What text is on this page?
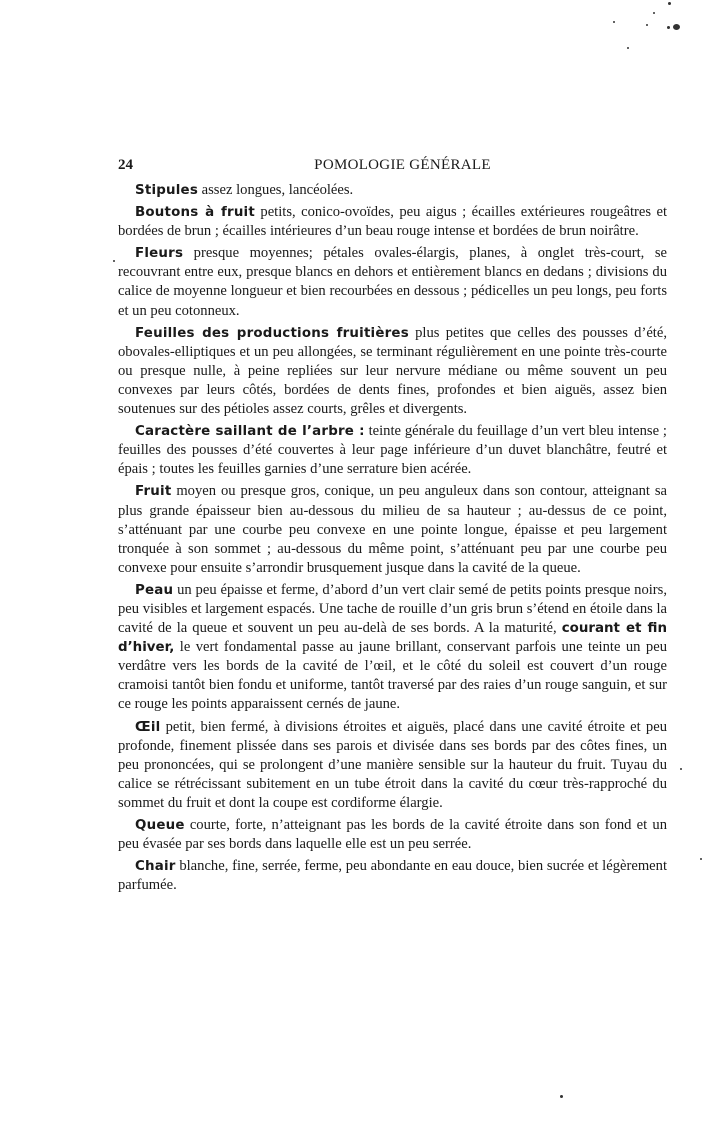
24	POMOLOGIE GÉNÉRALE

Stipules assez longues, lancéolées.

Boutons à fruit petits, conico-ovoïdes, peu aigus ; écailles extérieures rougeâtres et bordées de brun ; écailles intérieures d’un beau rouge intense et bordées de brun noirâtre.

Fleurs presque moyennes; pétales ovales-élargis, planes, à onglet très-court, se recouvrant entre eux, presque blancs en dehors et entièrement blancs en dedans ; divisions du calice de moyenne longueur et bien recourbées en dessous ; pédicelles un peu longs, peu forts et un peu cotonneux.

Feuilles des productions fruitières plus petites que celles des pousses d’été, obovales-elliptiques et un peu allongées, se terminant régulièrement en une pointe très-courte ou presque nulle, à peine repliées sur leur nervure médiane ou même souvent un peu convexes par leurs côtés, bordées de dents fines, profondes et bien aiguës, assez bien soutenues sur des pétioles assez courts, grêles et divergents.

Caractère saillant de l’arbre : teinte générale du feuillage d’un vert bleu intense ; feuilles des pousses d’été couvertes à leur page inférieure d’un duvet blanchâtre, feutré et épais ; toutes les feuilles garnies d’une serrature bien acérée.

Fruit moyen ou presque gros, conique, un peu anguleux dans son contour, atteignant sa plus grande épaisseur bien au-dessous du milieu de sa hauteur ; au-dessus de ce point, s’atténuant par une courbe peu convexe en une pointe longue, épaisse et peu largement tronquée à son sommet ; au-dessous du même point, s’atténuant peu par une courbe peu convexe pour ensuite s’arrondir brusquement jusque dans la cavité de la queue.

Peau un peu épaisse et ferme, d’abord d’un vert clair semé de petits points presque noirs, peu visibles et largement espacés. Une tache de rouille d’un gris brun s’étend en étoile dans la cavité de la queue et souvent un peu au-delà de ses bords. A la maturité, courant et fin d’hiver, le vert fondamental passe au jaune brillant, conservant parfois une teinte un peu verdâtre vers les bords de la cavité de l’œil, et le côté du soleil est couvert d’un rouge cramoisi tantôt bien fondu et uniforme, tantôt traversé par des raies d’un rouge sanguin, et sur ce rouge les points apparaissent cernés de jaune.

Œil petit, bien fermé, à divisions étroites et aiguës, placé dans une cavité étroite et peu profonde, finement plissée dans ses parois et divisée dans ses bords par des côtes fines, un peu prononcées, qui se prolongent d’une manière sensible sur la hauteur du fruit. Tuyau du calice se rétrécissant subitement en un tube étroit dans la cavité du cœur très-rapproché du sommet du fruit et dont la coupe est cordiforme élargie.

Queue courte, forte, n’atteignant pas les bords de la cavité étroite dans son fond et un peu évasée par ses bords dans laquelle elle est un peu serrée.

Chair blanche, fine, serrée, ferme, peu abondante en eau douce, bien sucrée et légèrement parfumée.
